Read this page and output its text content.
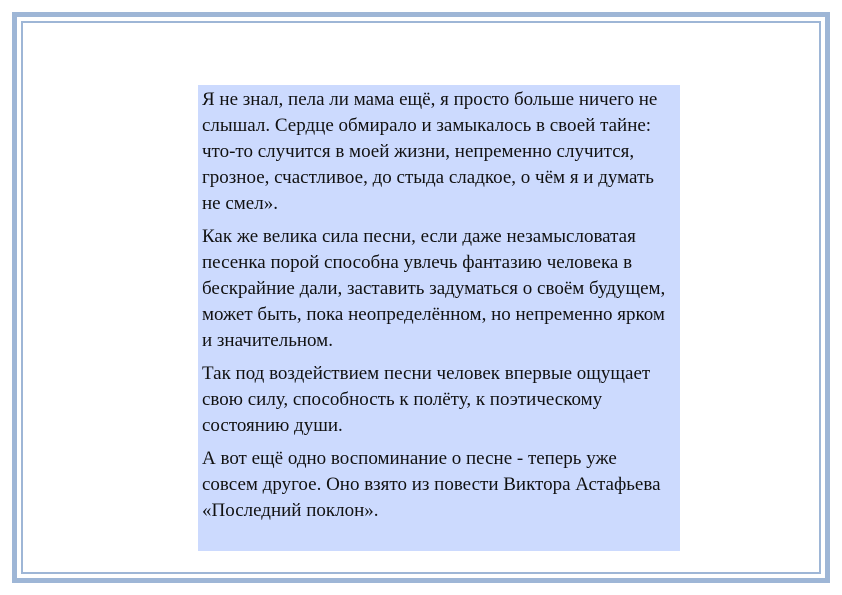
Я не знал, пела ли мама ещё, я просто больше ничего не слышал. Сердце обмирало и замыкалось в своей тайне: что-то случится в моей жизни, непременно случится, грозное, счастливое, до стыда сладкое, о чём я и думать не смел».

Как же велика сила песни, если даже незамысловатая песенка порой способна увлечь фантазию человека в бескрайние дали, заставить задуматься о своём будущем, может быть, пока неопределённом, но непременно ярком и значительном.

Так под воздействием песни человек впервые ощущает свою силу, способность к полёту, к поэтическому состоянию души.

А вот ещё одно воспоминание о песне - теперь уже совсем другое. Оно взято из повести Виктора Астафьева «Последний поклон».
